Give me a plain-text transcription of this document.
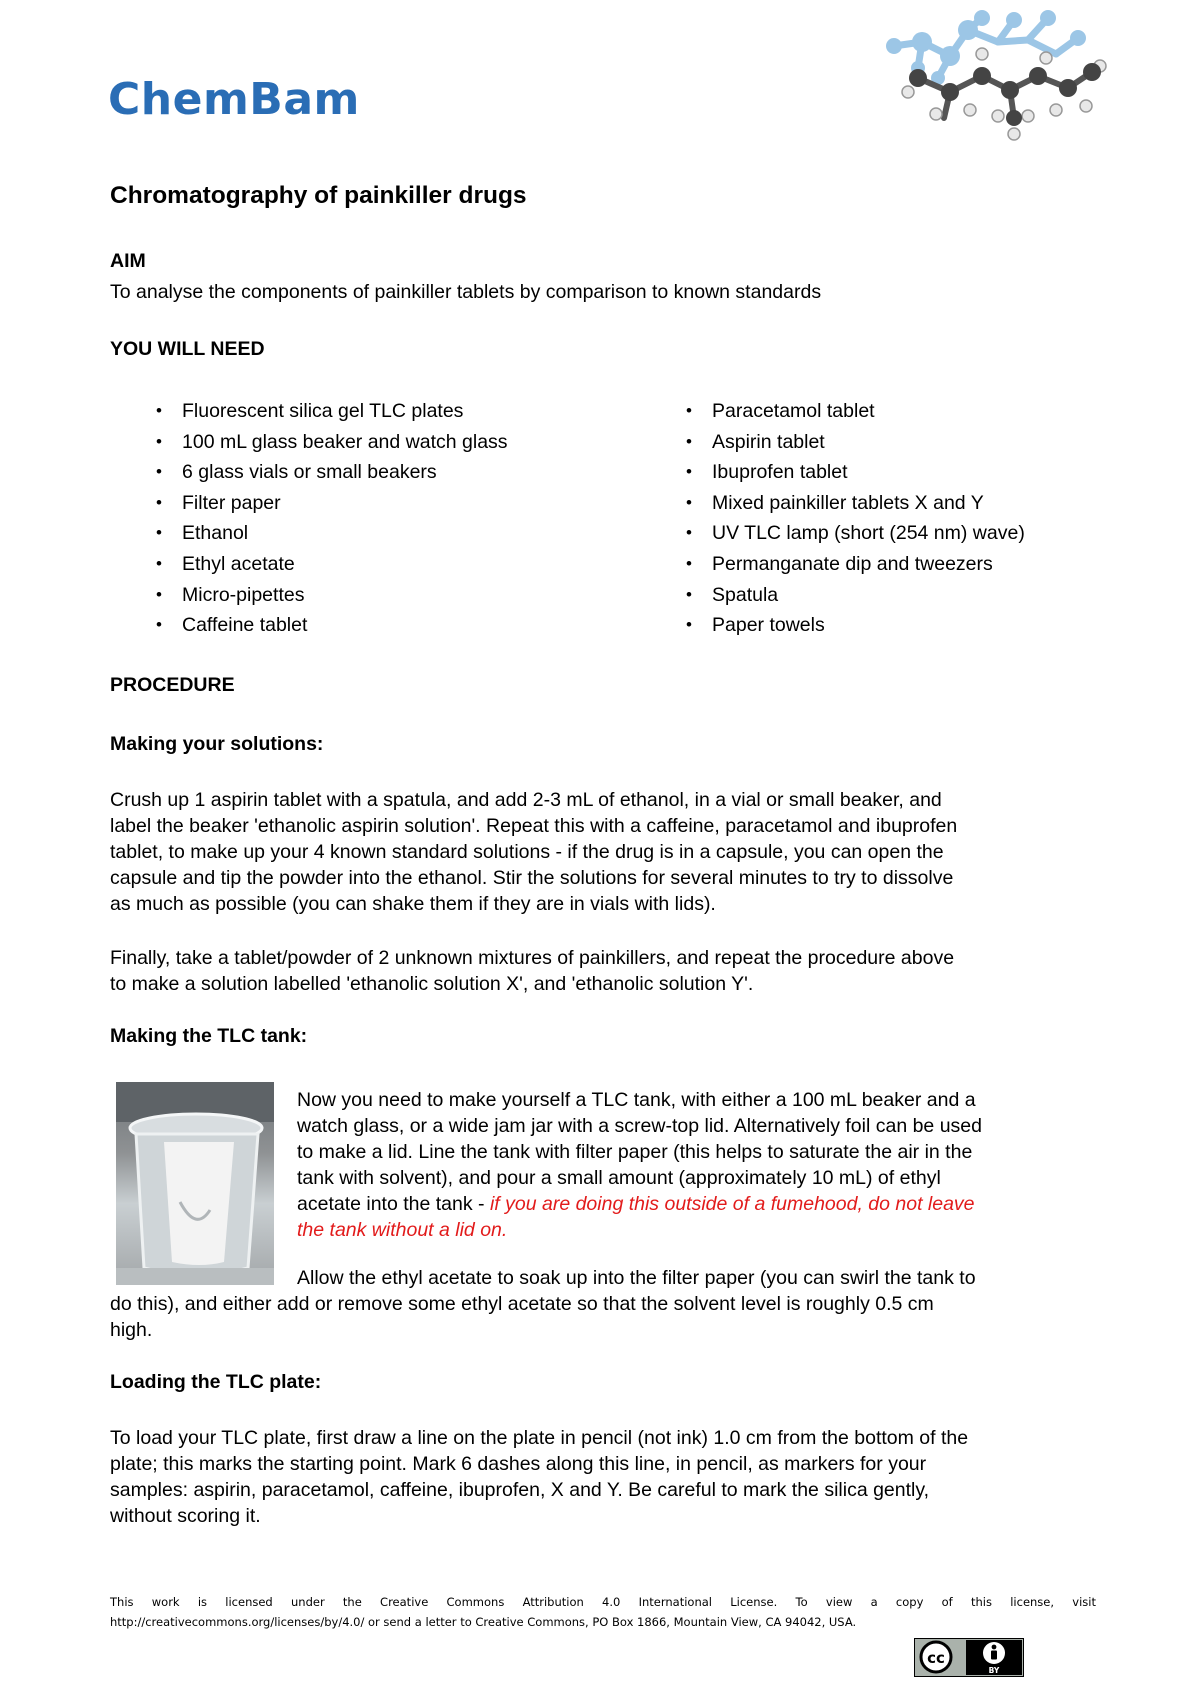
ChemBam
Chromatography of painkiller drugs
AIM
To analyse the components of painkiller tablets by comparison to known standards
YOU WILL NEED
• Fluorescent silica gel TLC plates
• 100 mL glass beaker and watch glass
• 6 glass vials or small beakers
• Filter paper
• Ethanol
• Ethyl acetate
• Micro-pipettes
• Caffeine tablet
• Paracetamol tablet
• Aspirin tablet
• Ibuprofen tablet
• Mixed painkiller tablets X and Y
• UV TLC lamp (short (254 nm) wave)
• Permanganate dip and tweezers
• Spatula
• Paper towels
PROCEDURE
Making your solutions:
Crush up 1 aspirin tablet with a spatula, and add 2-3 mL of ethanol, in a vial or small beaker, and
label the beaker 'ethanolic aspirin solution'. Repeat this with a caffeine, paracetamol and ibuprofen
tablet, to make up your 4 known standard solutions - if the drug is in a capsule, you can open the
capsule and tip the powder into the ethanol. Stir the solutions for several minutes to try to dissolve
as much as possible (you can shake them if they are in vials with lids).
Finally, take a tablet/powder of 2 unknown mixtures of painkillers, and repeat the procedure above
to make a solution labelled 'ethanolic solution X', and 'ethanolic solution Y'.
Making the TLC tank:
Now you need to make yourself a TLC tank, with either a 100 mL beaker and a
watch glass, or a wide jam jar with a screw-top lid. Alternatively foil can be used
to make a lid. Line the tank with filter paper (this helps to saturate the air in the
tank with solvent), and pour a small amount (approximately 10 mL) of ethyl
acetate into the tank - if you are doing this outside of a fumehood, do not leave
the tank without a lid on.
Allow the ethyl acetate to soak up into the filter paper (you can swirl the tank to
do this), and either add or remove some ethyl acetate so that the solvent level is roughly 0.5 cm
high.
Loading the TLC plate:
To load your TLC plate, first draw a line on the plate in pencil (not ink) 1.0 cm from the bottom of the
plate; this marks the starting point. Mark 6 dashes along this line, in pencil, as markers for your
samples: aspirin, paracetamol, caffeine, ibuprofen, X and Y. Be careful to mark the silica gently,
without scoring it.
This work is licensed under the Creative Commons Attribution 4.0 International License. To view a copy of this license, visit
http://creativecommons.org/licenses/by/4.0/ or send a letter to Creative Commons, PO Box 1866, Mountain View, CA 94042, USA.
cc
BY
